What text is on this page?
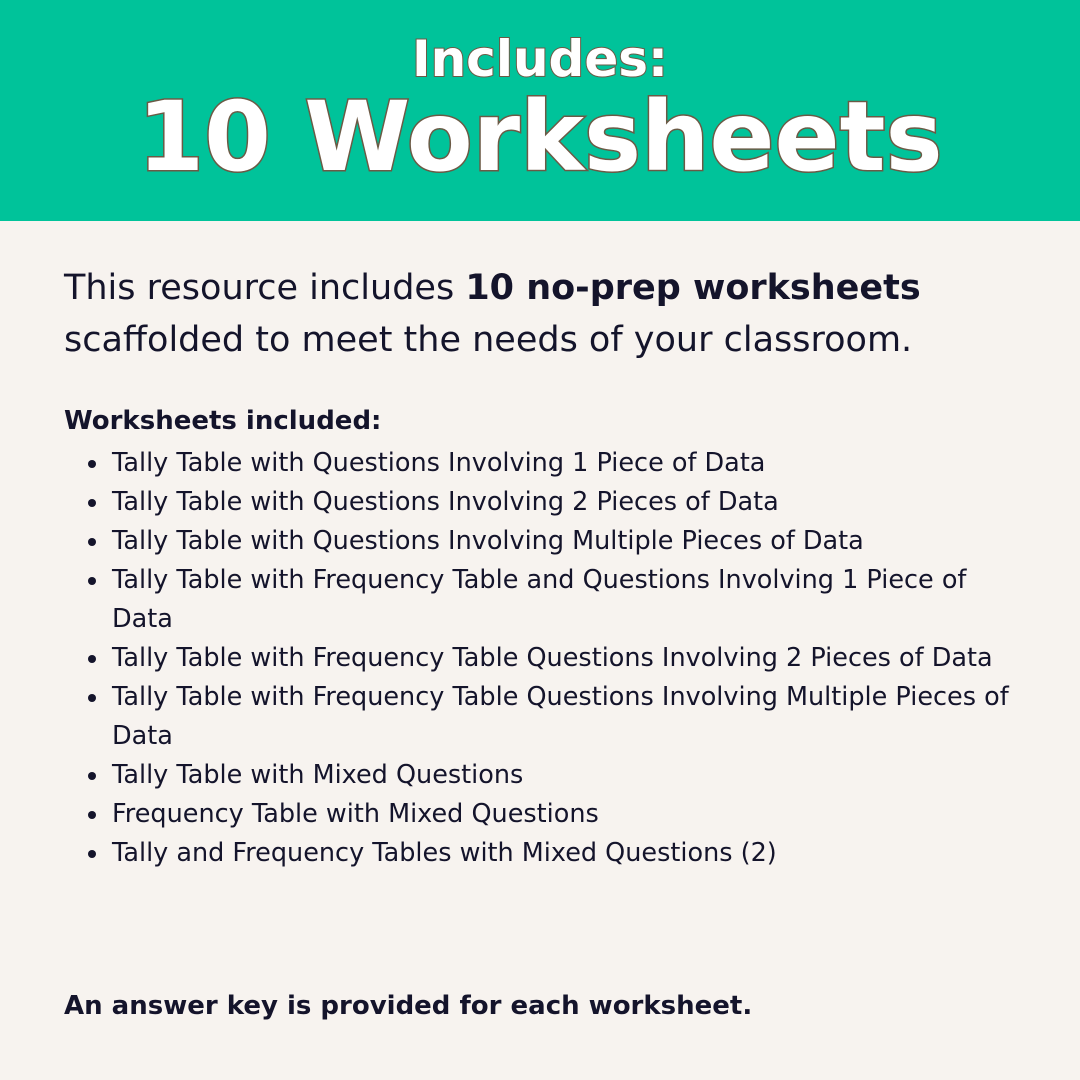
Includes:
10 Worksheets
This resource includes 10 no-prep worksheets scaffolded to meet the needs of your classroom.
Worksheets included:
Tally Table with Questions Involving 1 Piece of Data
Tally Table with Questions Involving 2 Pieces of Data
Tally Table with Questions Involving Multiple Pieces of Data
Tally Table with Frequency Table and Questions Involving 1 Piece of Data
Tally Table with Frequency Table Questions Involving 2 Pieces of Data
Tally Table with Frequency Table Questions Involving Multiple Pieces of Data
Tally Table with Mixed Questions
Frequency Table with Mixed Questions
Tally and Frequency Tables with Mixed Questions (2)
An answer key is provided for each worksheet.
